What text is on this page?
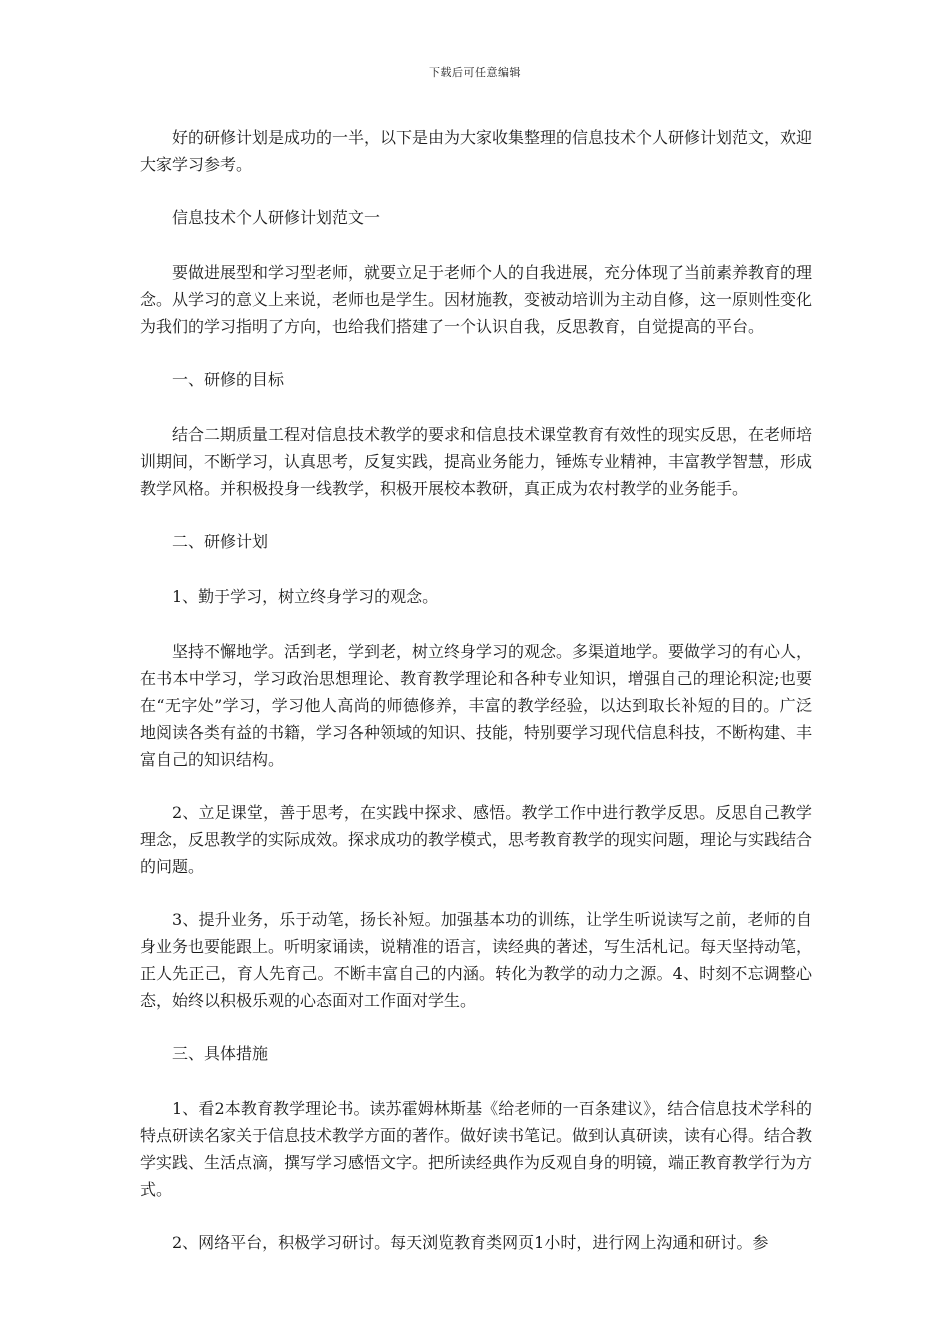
下载后可任意编辑

好的研修计划是成功的一半，以下是由为大家收集整理的信息技术个人研修计划范文，欢迎大家学习参考。

信息技术个人研修计划范文一

要做进展型和学习型老师，就要立足于老师个人的自我进展，充分体现了当前素养教育的理念。从学习的意义上来说，老师也是学生。因材施教，变被动培训为主动自修，这一原则性变化为我们的学习指明了方向，也给我们搭建了一个认识自我，反思教育，自觉提高的平台。

一、研修的目标

结合二期质量工程对信息技术教学的要求和信息技术课堂教育有效性的现实反思，在老师培训期间，不断学习，认真思考，反复实践，提高业务能力，锤炼专业精神，丰富教学智慧，形成教学风格。并积极投身一线教学，积极开展校本教研，真正成为农村教学的业务能手。

二、研修计划

1、勤于学习，树立终身学习的观念。

坚持不懈地学。活到老，学到老，树立终身学习的观念。多渠道地学。要做学习的有心人，在书本中学习，学习政治思想理论、教育教学理论和各种专业知识，增强自己的理论积淀;也要在“无字处”学习，学习他人高尚的师德修养，丰富的教学经验，以达到取长补短的目的。广泛地阅读各类有益的书籍，学习各种领域的知识、技能，特别要学习现代信息科技，不断构建、丰富自己的知识结构。

2、立足课堂，善于思考，在实践中探求、感悟。教学工作中进行教学反思。反思自己教学理念，反思教学的实际成效。探求成功的教学模式，思考教育教学的现实问题，理论与实践结合的问题。

3、提升业务，乐于动笔，扬长补短。加强基本功的训练，让学生听说读写之前，老师的自身业务也要能跟上。听明家诵读，说精准的语言，读经典的著述，写生活札记。每天坚持动笔，正人先正己，育人先育己。不断丰富自己的内涵。转化为教学的动力之源。4、时刻不忘调整心态，始终以积极乐观的心态面对工作面对学生。

三、具体措施

1、看2本教育教学理论书。读苏霍姆林斯基《给老师的一百条建议》，结合信息技术学科的特点研读名家关于信息技术教学方面的著作。做好读书笔记。做到认真研读，读有心得。结合教学实践、生活点滴，撰写学习感悟文字。把所读经典作为反观自身的明镜，端正教育教学行为方式。

2、网络平台，积极学习研讨。每天浏览教育类网页1小时，进行网上沟通和研讨。参
